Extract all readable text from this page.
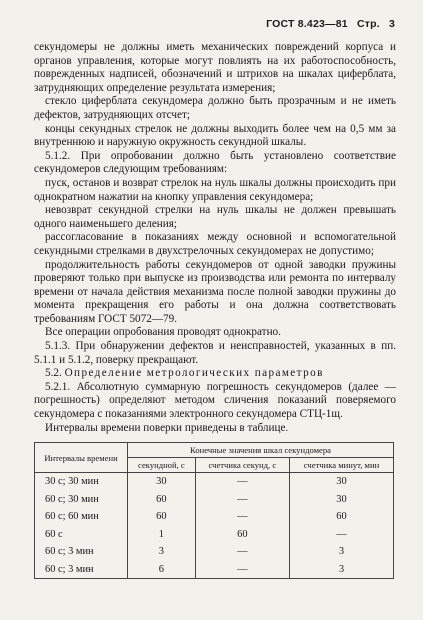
ГОСТ 8.423—81 Стр. 3

секундомеры не должны иметь механических повреждений корпуса и органов управления, которые могут повлиять на их работоспособность, поврежденных надписей, обозначений и штрихов на шкалах циферблата, затрудняющих определение результата измерения;

стекло циферблата секундомера должно быть прозрачным и не иметь дефектов, затрудняющих отсчет;

концы секундных стрелок не должны выходить более чем на 0,5 мм за внутреннюю и наружную окружность секундной шкалы.

5.1.2. При опробовании должно быть установлено соответствие секундомеров следующим требованиям:

пуск, останов и возврат стрелок на нуль шкалы должны происходить при однократном нажатии на кнопку управления секундомера;

невозврат секундной стрелки на нуль шкалы не должен превышать одного наименьшего деления;

рассогласование в показаниях между основной и вспомогательной секундными стрелками в двухстрелочных секундомерах не допустимо;

продолжительность работы секундомеров от одной заводки пружины проверяют только при выпуске из производства или ремонта по интервалу времени от начала действия механизма после полной заводки пружины до момента прекращения его работы и она должна соответствовать требованиям ГОСТ 5072—79.

Все операции опробования проводят однократно.

5.1.3. При обнаружении дефектов и неисправностей, указанных в пп. 5.1.1 и 5.1.2, поверку прекращают.

5.2. Определение метрологических параметров

5.2.1. Абсолютную суммарную погрешность секундомеров (далее — погрешность) определяют методом сличения показаний поверяемого секундомера с показаниями электронного секундомера СТЦ-1щ.

Интервалы времени поверки приведены в таблице.

Интервалы времени	Конечные значения шкал секундомера		
	секундной, с	счетчика секунд, с	счетчика минут, мин
30 с; 30 мин	30	—	30
60 с; 30 мин	60	—	30
60 с; 60 мин	60	—	60
60 с	1	60	—
60 с; 3 мин	3	—	3
60 с; 3 мин	6	—	3
